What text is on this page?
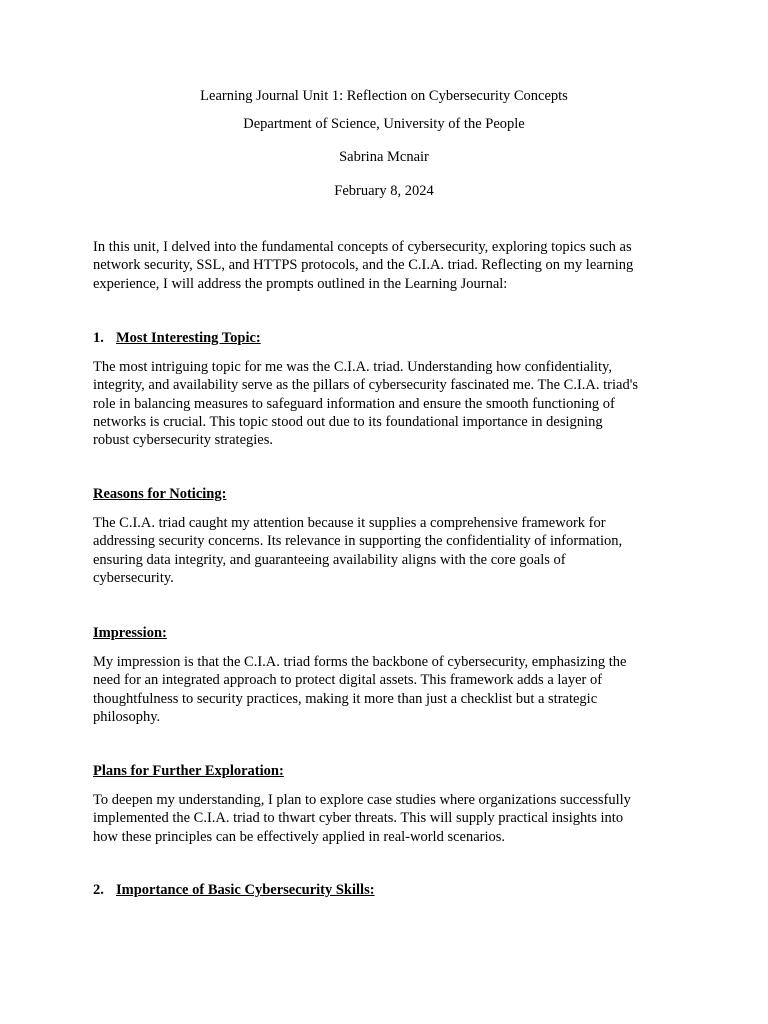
Learning Journal Unit 1: Reflection on Cybersecurity Concepts
Department of Science, University of the People
Sabrina Mcnair
February 8, 2024
In this unit, I delved into the fundamental concepts of cybersecurity, exploring topics such as
network security, SSL, and HTTPS protocols, and the C.I.A. triad. Reflecting on my learning
experience, I will address the prompts outlined in the Learning Journal:
1. Most Interesting Topic:
The most intriguing topic for me was the C.I.A. triad. Understanding how confidentiality,
integrity, and availability serve as the pillars of cybersecurity fascinated me. The C.I.A. triad's
role in balancing measures to safeguard information and ensure the smooth functioning of
networks is crucial. This topic stood out due to its foundational importance in designing
robust cybersecurity strategies.
Reasons for Noticing:
The C.I.A. triad caught my attention because it supplies a comprehensive framework for
addressing security concerns. Its relevance in supporting the confidentiality of information,
ensuring data integrity, and guaranteeing availability aligns with the core goals of
cybersecurity.
Impression:
My impression is that the C.I.A. triad forms the backbone of cybersecurity, emphasizing the
need for an integrated approach to protect digital assets. This framework adds a layer of
thoughtfulness to security practices, making it more than just a checklist but a strategic
philosophy.
Plans for Further Exploration:
To deepen my understanding, I plan to explore case studies where organizations successfully
implemented the C.I.A. triad to thwart cyber threats. This will supply practical insights into
how these principles can be effectively applied in real-world scenarios.
2. Importance of Basic Cybersecurity Skills:
